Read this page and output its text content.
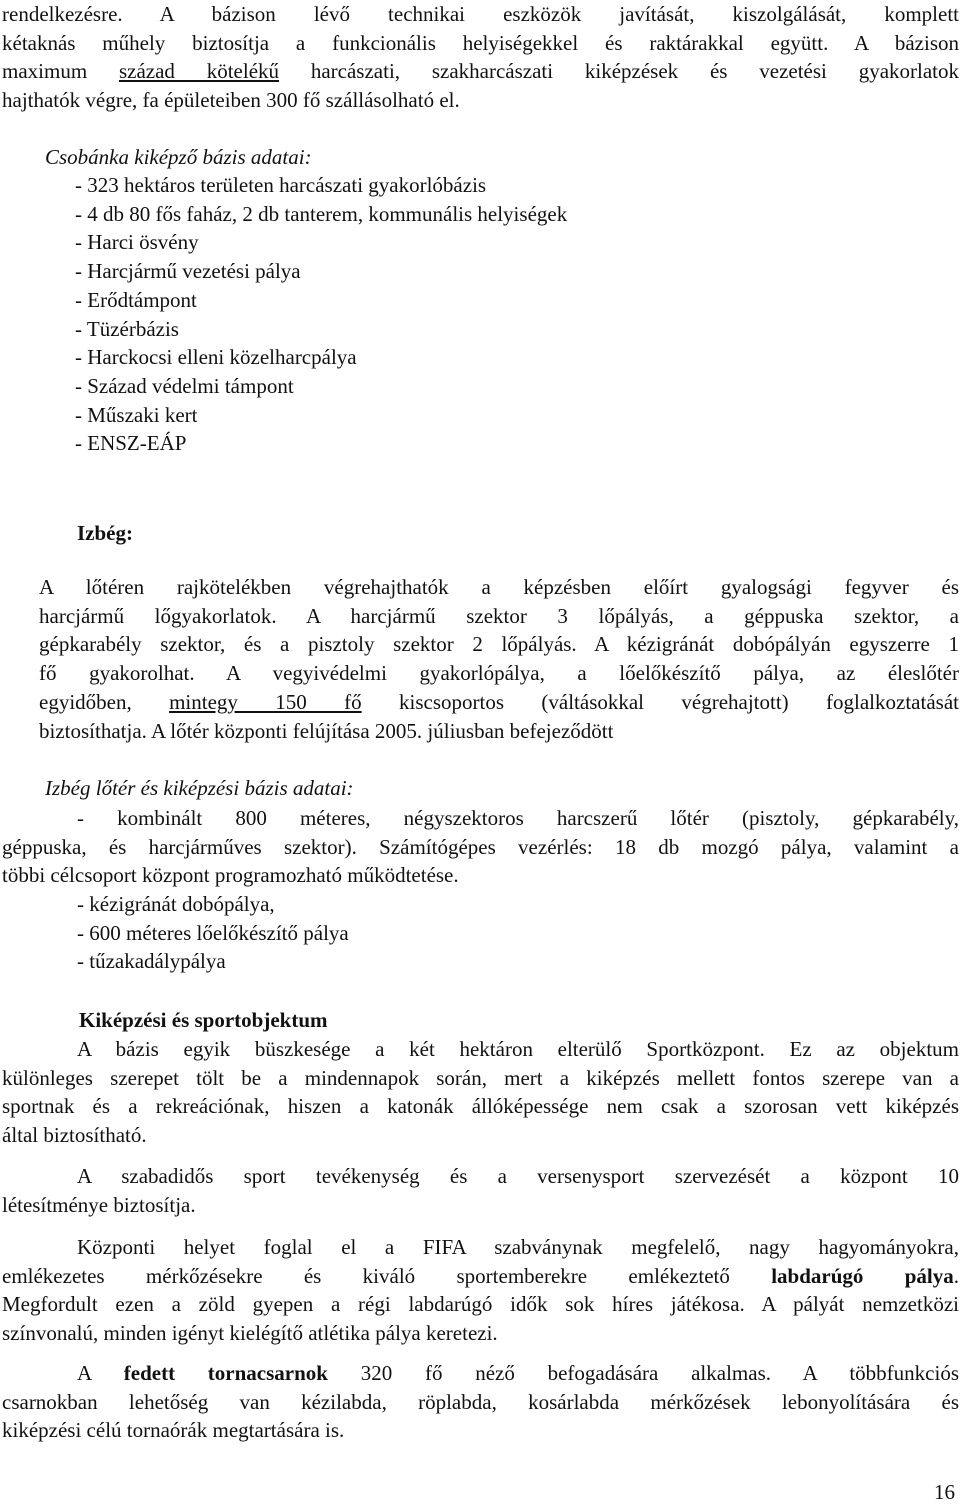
rendelkezésre. A bázison lévő technikai eszközök javítását, kiszolgálását, komplett
kétaknás műhely biztosítja a funkcionális helyiségekkel és raktárakkal együtt. A bázison
maximum század kötelékű harcászati, szakharcászati kiképzések és vezetési gyakorlatok
hajthatók végre, fa épületeiben 300 fő szállásolható el.
Csobánka kiképző bázis adatai:
- 323 hektáros területen harcászati gyakorlóbázis
- 4 db 80 fős faház, 2 db tanterem, kommunális helyiségek
- Harci ösvény
- Harcjármű vezetési pálya
- Erődtámpont
- Tüzérbázis
- Harckocsi elleni közelharcpálya
- Század védelmi támpont
- Műszaki kert
- ENSZ-EÁP
Izbég:
A lőtéren rajkötelékben végrehajthatók a képzésben előírt gyalogsági fegyver és
harcjármű lőgyakorlatok. A harcjármű szektor 3 lőpályás, a géppuska szektor, a
gépkarabély szektor, és a pisztoly szektor 2 lőpályás. A kézigránát dobópályán egyszerre 1
fő gyakorolhat. A vegyivédelmi gyakorlópálya, a lőelőkészítő pálya, az éleslőtér
egyidőben, mintegy 150 fő kiscsoportos (váltásokkal végrehajtott) foglalkoztatását
biztosíthatja. A lőtér központi felújítása 2005. júliusban befejeződött
Izbég lőtér és kiképzési bázis adatai:
- kombinált 800 méteres, négyszektoros harcszerű lőtér (pisztoly, gépkarabély,
géppuska, és harcjárműves szektor). Számítógépes vezérlés: 18 db mozgó pálya, valamint a
többi célcsoport központ programozható működtetése.
- kézigránát dobópálya,
- 600 méteres lőelőkészítő pálya
- tűzakadálypálya
Kiképzési és sportobjektum
A bázis egyik büszkesége a két hektáron elterülő Sportközpont. Ez az objektum
különleges szerepet tölt be a mindennapok során, mert a kiképzés mellett fontos szerepe van a
sportnak és a rekreációnak, hiszen a katonák állóképessége nem csak a szorosan vett kiképzés
által biztosítható.
A szabadidős sport tevékenység és a versenysport szervezését a központ 10
létesítménye biztosítja.
Központi helyet foglal el a FIFA szabványnak megfelelő, nagy hagyományokra,
emlékezetes mérkőzésekre és kiváló sportemberekre emlékeztető labdarúgó pálya.
Megfordult ezen a zöld gyepen a régi labdarúgó idők sok híres játékosa. A pályát nemzetközi
színvonalú, minden igényt kielégítő atlétika pálya keretezi.
A fedett tornacsarnok 320 fő néző befogadására alkalmas. A többfunkciós
csarnokban lehetőség van kézilabda, röplabda, kosárlabda mérkőzések lebonyolítására és
kiképzési célú tornaórák megtartására is.
16
